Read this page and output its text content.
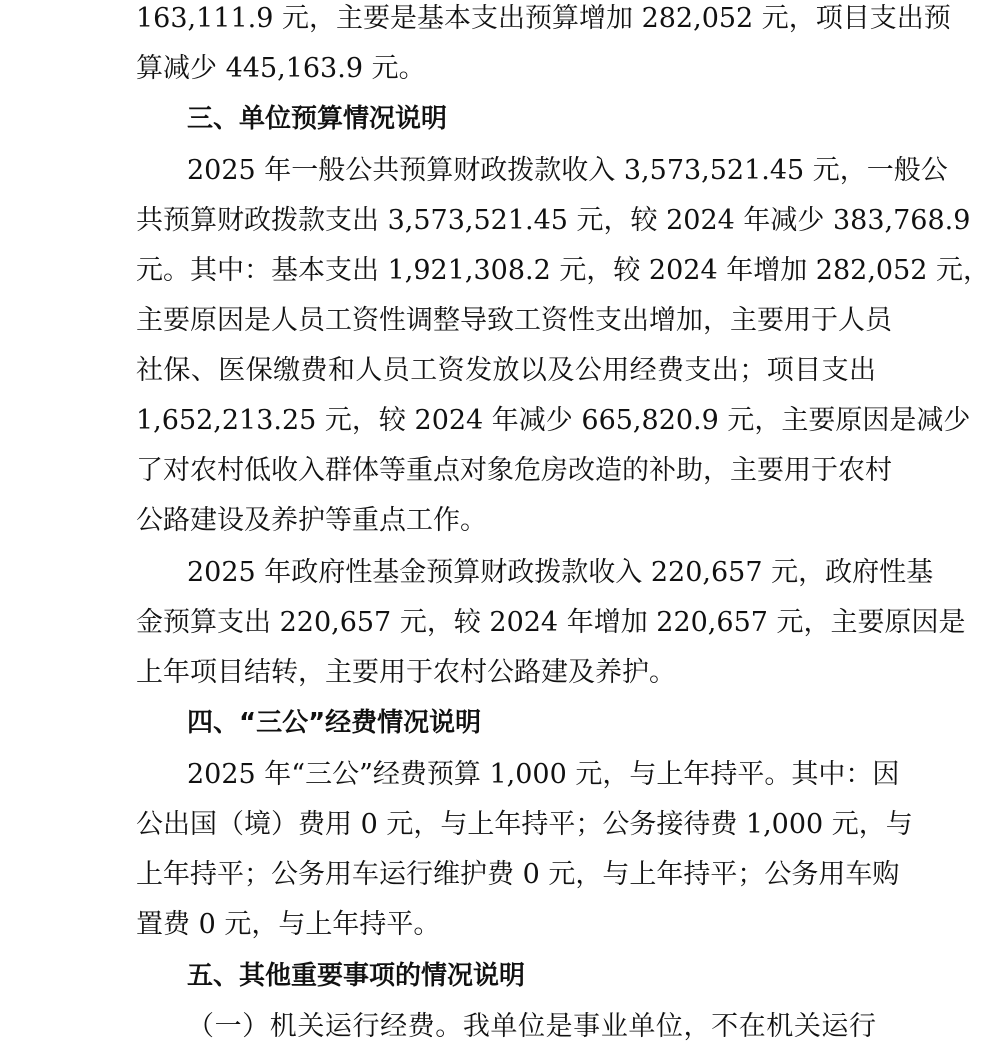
163,111.9 元，主要是基本支出预算增加 282,052 元，项目支出预
算减少 445,163.9 元。
三、单位预算情况说明
2025 年一般公共预算财政拨款收入 3,573,521.45 元，一般公
共预算财政拨款支出 3,573,521.45 元，较 2024 年减少 383,768.9
元。其中：基本支出 1,921,308.2 元，较 2024 年增加 282,052 元，
主要原因是人员工资性调整导致工资性支出增加，主要用于人员
社保、医保缴费和人员工资发放以及公用经费支出；项目支出
1,652,213.25 元，较 2024 年减少 665,820.9 元，主要原因是减少
了对农村低收入群体等重点对象危房改造的补助，主要用于农村
公路建设及养护等重点工作。
2025 年政府性基金预算财政拨款收入 220,657 元，政府性基
金预算支出 220,657 元，较 2024 年增加 220,657 元，主要原因是
上年项目结转，主要用于农村公路建及养护。
四、“三公”经费情况说明
2025 年“三公”经费预算 1,000 元，与上年持平。其中：因
公出国（境）费用 0 元，与上年持平；公务接待费 1,000 元，与
上年持平；公务用车运行维护费 0 元，与上年持平；公务用车购
置费 0 元，与上年持平。
五、其他重要事项的情况说明
（一）机关运行经费。我单位是事业单位，不在机关运行
